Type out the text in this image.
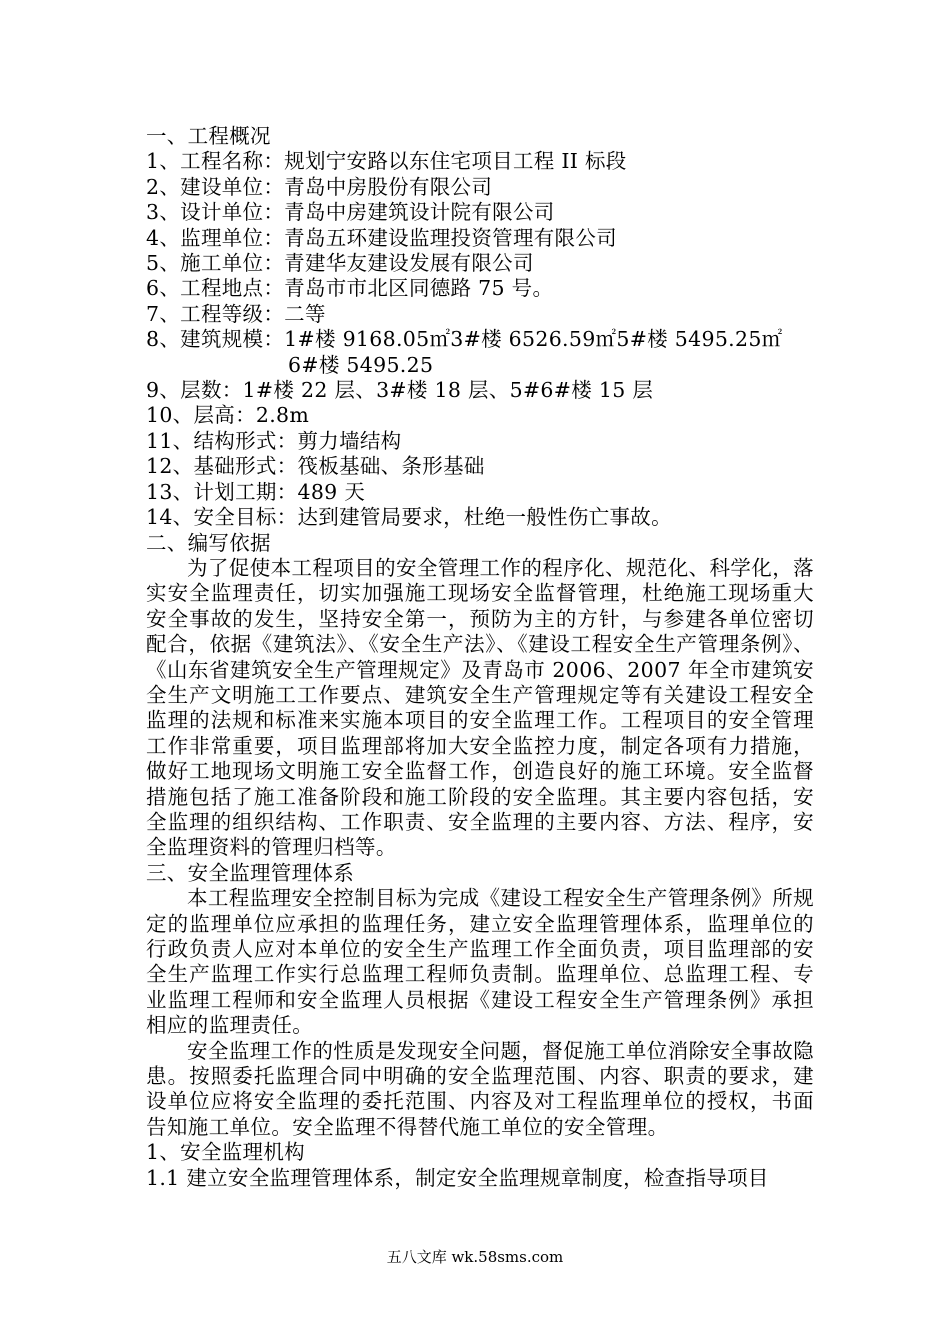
一、工程概况
1、工程名称：规划宁安路以东住宅项目工程 II 标段
2、建设单位：青岛中房股份有限公司
3、设计单位：青岛中房建筑设计院有限公司
4、监理单位：青岛五环建设监理投资管理有限公司
5、施工单位：青建华友建设发展有限公司
6、工程地点：青岛市市北区同德路 75 号。
7、工程等级：二等
8、建筑规模：1#楼 9168.05㎡3#楼 6526.59㎡5#楼 5495.25㎡
6#楼 5495.25
9、层数：1#楼 22 层、3#楼 18 层、5#6#楼 15 层
10、层高：2.8m
11、结构形式：剪力墙结构
12、基础形式：筏板基础、条形基础
13、计划工期：489 天
14、安全目标：达到建管局要求，杜绝一般性伤亡事故。
二、编写依据
为了促使本工程项目的安全管理工作的程序化、规范化、科学化，落实安全监理责任，切实加强施工现场安全监督管理，杜绝施工现场重大安全事故的发生，坚持安全第一，预防为主的方针，与参建各单位密切配合，依据《建筑法》、《安全生产法》、《建设工程安全生产管理条例》、《山东省建筑安全生产管理规定》及青岛市 2006、2007 年全市建筑安全生产文明施工工作要点、建筑安全生产管理规定等有关建设工程安全监理的法规和标准来实施本项目的安全监理工作。工程项目的安全管理工作非常重要，项目监理部将加大安全监控力度，制定各项有力措施，做好工地现场文明施工安全监督工作，创造良好的施工环境。安全监督措施包括了施工准备阶段和施工阶段的安全监理。其主要内容包括，安全监理的组织结构、工作职责、安全监理的主要内容、方法、程序，安全监理资料的管理归档等。
三、安全监理管理体系
本工程监理安全控制目标为完成《建设工程安全生产管理条例》所规定的监理单位应承担的监理任务，建立安全监理管理体系，监理单位的行政负责人应对本单位的安全生产监理工作全面负责，项目监理部的安全生产监理工作实行总监理工程师负责制。监理单位、总监理工程、专业监理工程师和安全监理人员根据《建设工程安全生产管理条例》承担相应的监理责任。
安全监理工作的性质是发现安全问题，督促施工单位消除安全事故隐患。按照委托监理合同中明确的安全监理范围、内容、职责的要求，建设单位应将安全监理的委托范围、内容及对工程监理单位的授权，书面告知施工单位。安全监理不得替代施工单位的安全管理。
1、安全监理机构
1.1 建立安全监理管理体系，制定安全监理规章制度，检查指导项目
五八文库 wk.58sms.com
